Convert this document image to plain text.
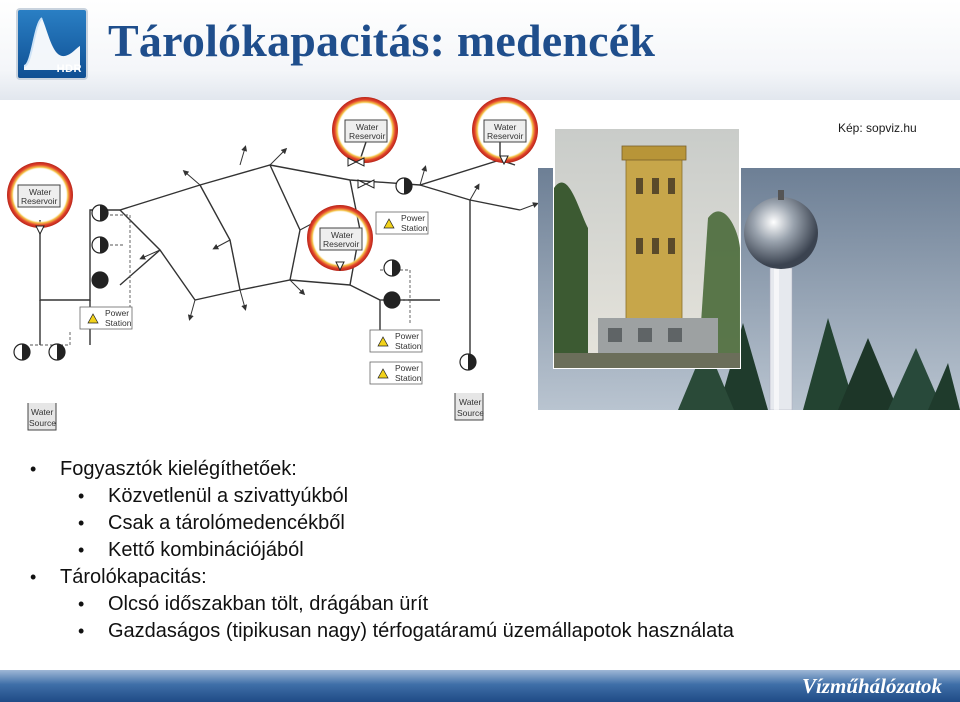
HDR
Tárolókapacitás: medencék
Water
Reservoir
Water
Reservoir
Water
Reservoir
Water
Reservoir
Power
Station
Power
Station
Power
Station
Power
Station
Water
Source
Water
Source
Kép: sopviz.hu
• Fogyasztók kielégíthetőek:
• Közvetlenül a szivattyúkból
• Csak a tárolómedencékből
• Kettő kombinációjából
• Tárolókapacitás:
• Olcsó időszakban tölt, drágában ürít
• Gazdaságos (tipikusan nagy) térfogatáramú üzemállapotok használata
Vízműhálózatok
